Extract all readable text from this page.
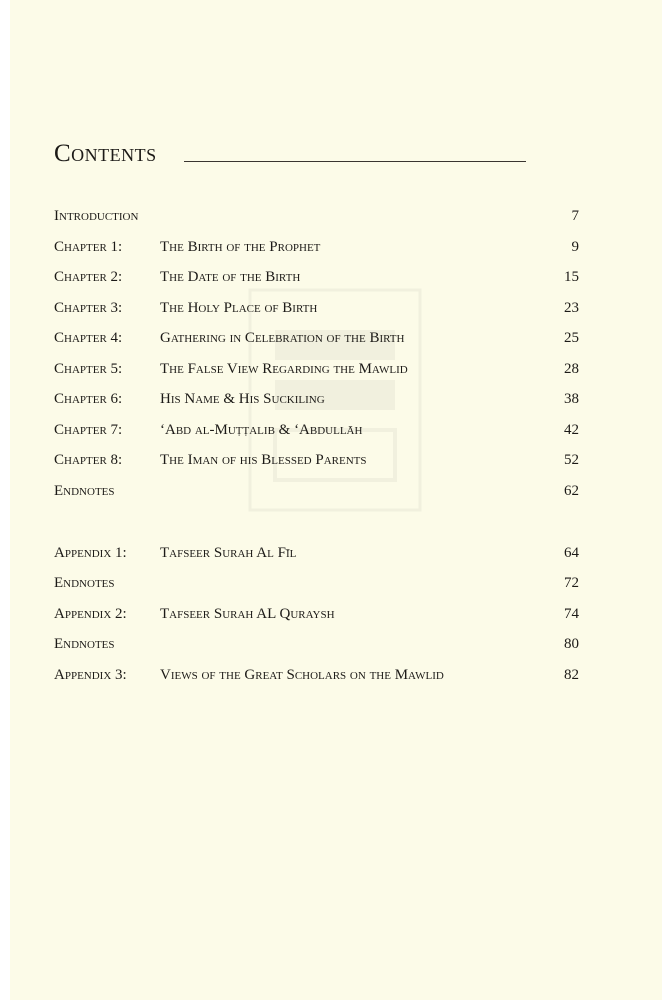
Contents
Introduction	7
Chapter 1:	The Birth of the Prophet	9
Chapter 2:	The Date of the Birth	15
Chapter 3:	The Holy Place of Birth	23
Chapter 4:	Gathering in Celebration of the Birth	25
Chapter 5:	The False View Regarding the Mawlid	28
Chapter 6:	His Name & His Suckiling	38
Chapter 7:	‘Abd al-Muṭṭalib & ‘Abdullāh	42
Chapter 8:	The Iman of his Blessed Parents	52
Endnotes	62
Appendix 1: Tafseer Surah Al Fīl	64
Endnotes	72
Appendix 2: Tafseer Surah AL Quraysh	74
Endnotes	80
Appendix 3: Views of the Great Scholars on the Mawlid	82
